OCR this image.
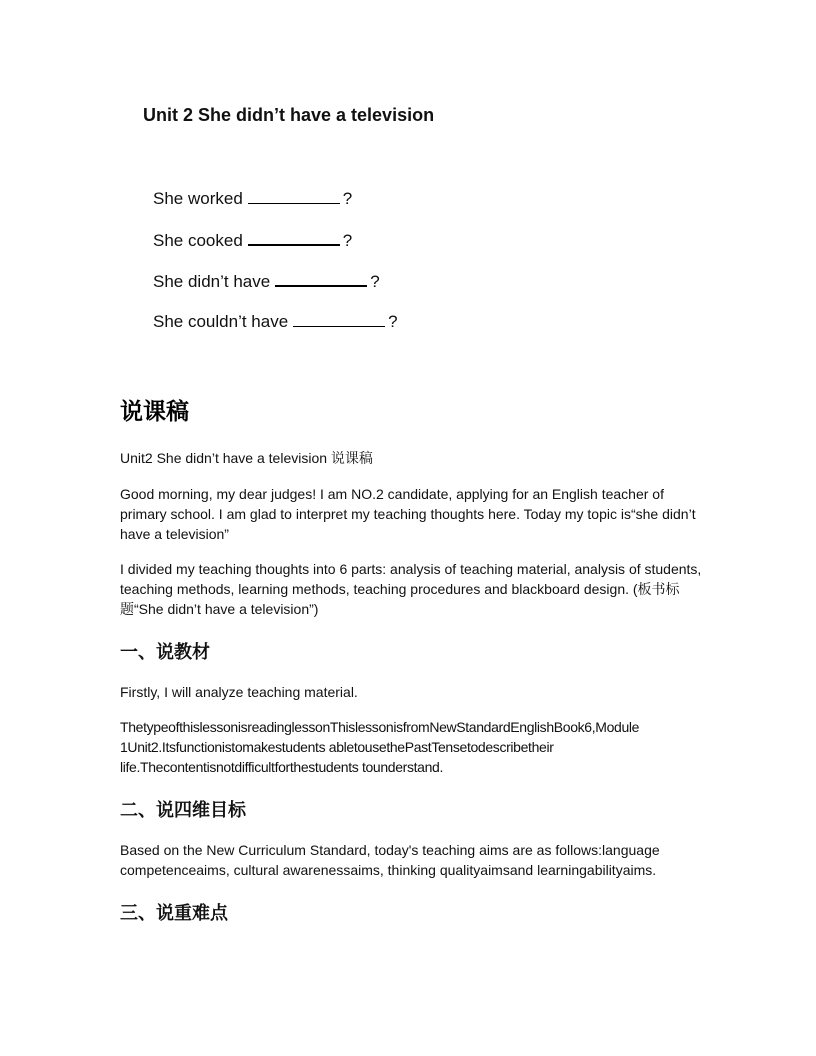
Unit 2 She didn’t have a television
She worked	?
She cooked	?
She didn’t have	?
She couldn’t have	?
说课稿
Unit2 She didn’t have a television 说课稿
Good morning, my dear judges! I am NO.2 candidate, applying for an English teacher of primary school. I am glad to interpret my teaching thoughts here. Today my topic is“she didn’t have a television”
I divided my teaching thoughts into 6 parts: analysis of teaching material, analysis of students, teaching methods, learning methods, teaching procedures and blackboard design. (板书标题“She didn’t have a television”)
一、说教材
Firstly, I will analyze teaching material.
ThetypeofthislessonisreadinglessonThislessonisfromNewStandardEnglishBook6,Module
1Unit2.Itsfunctionistomakestudents abletousethePastTensetodescribetheir
life.Thecontentisnotdifficultforthestudents tounderstand.
二、说四维目标
Based on the New Curriculum Standard, today's teaching aims are as follows:language competenceaims, cultural awarenessaims, thinking qualityaimsand learningabilityaims.
三、说重难点
